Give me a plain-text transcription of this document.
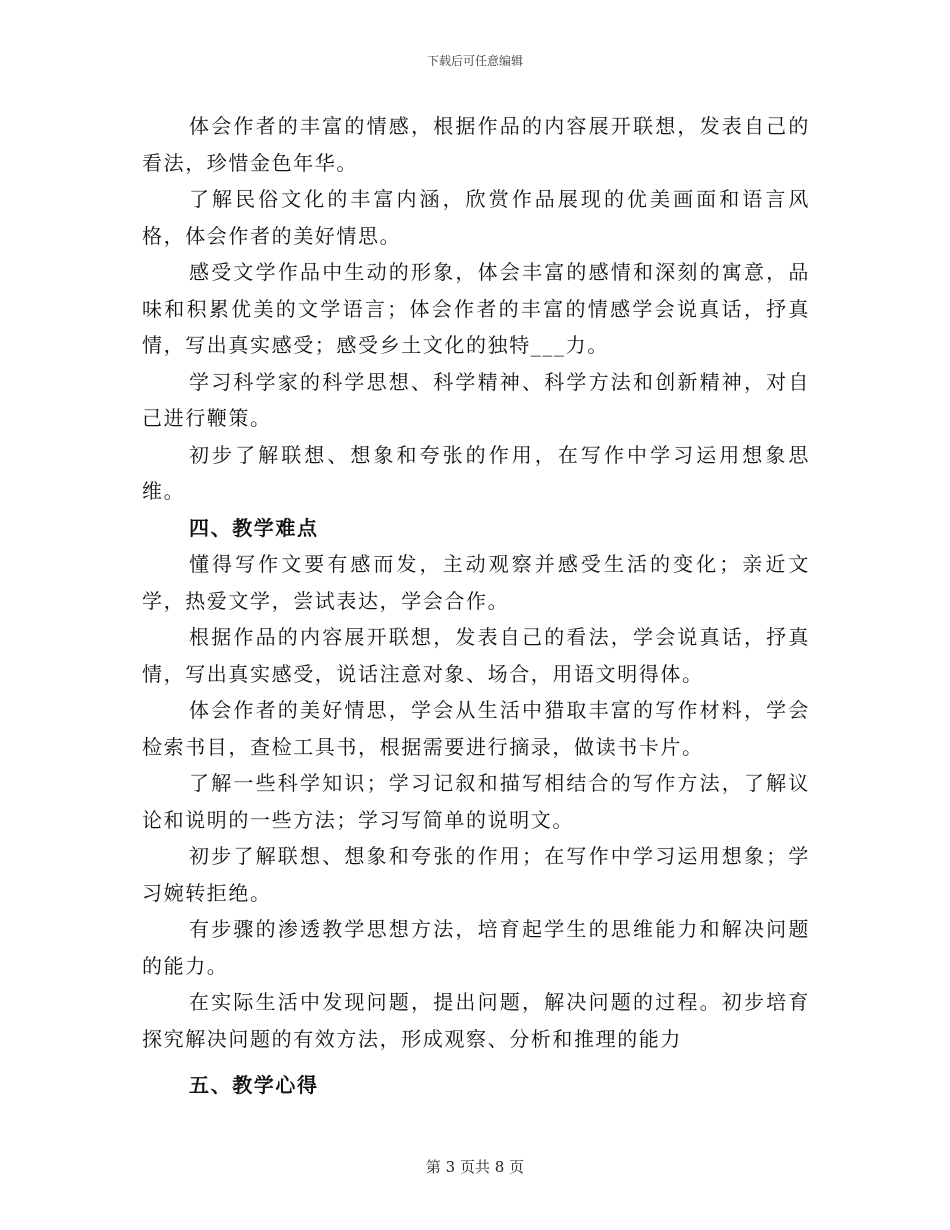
下载后可任意编辑

体会作者的丰富的情感，根据作品的内容展开联想，发表自己的看法，珍惜金色年华。

了解民俗文化的丰富内涵，欣赏作品展现的优美画面和语言风格，体会作者的美好情思。

感受文学作品中生动的形象，体会丰富的感情和深刻的寓意，品味和积累优美的文学语言；体会作者的丰富的情感学会说真话，抒真情，写出真实感受；感受乡土文化的独特___力。

学习科学家的科学思想、科学精神、科学方法和创新精神，对自己进行鞭策。

初步了解联想、想象和夸张的作用，在写作中学习运用想象思维。

四、教学难点

懂得写作文要有感而发，主动观察并感受生活的变化；亲近文学，热爱文学，尝试表达，学会合作。

根据作品的内容展开联想，发表自己的看法，学会说真话，抒真情，写出真实感受，说话注意对象、场合，用语文明得体。

体会作者的美好情思，学会从生活中猎取丰富的写作材料，学会检索书目，查检工具书，根据需要进行摘录，做读书卡片。

了解一些科学知识；学习记叙和描写相结合的写作方法，了解议论和说明的一些方法；学习写简单的说明文。

初步了解联想、想象和夸张的作用；在写作中学习运用想象；学习婉转拒绝。

有步骤的渗透教学思想方法，培育起学生的思维能力和解决问题的能力。

在实际生活中发现问题，提出问题，解决问题的过程。初步培育探究解决问题的有效方法，形成观察、分析和推理的能力

五、教学心得
第 3 页共 8 页
